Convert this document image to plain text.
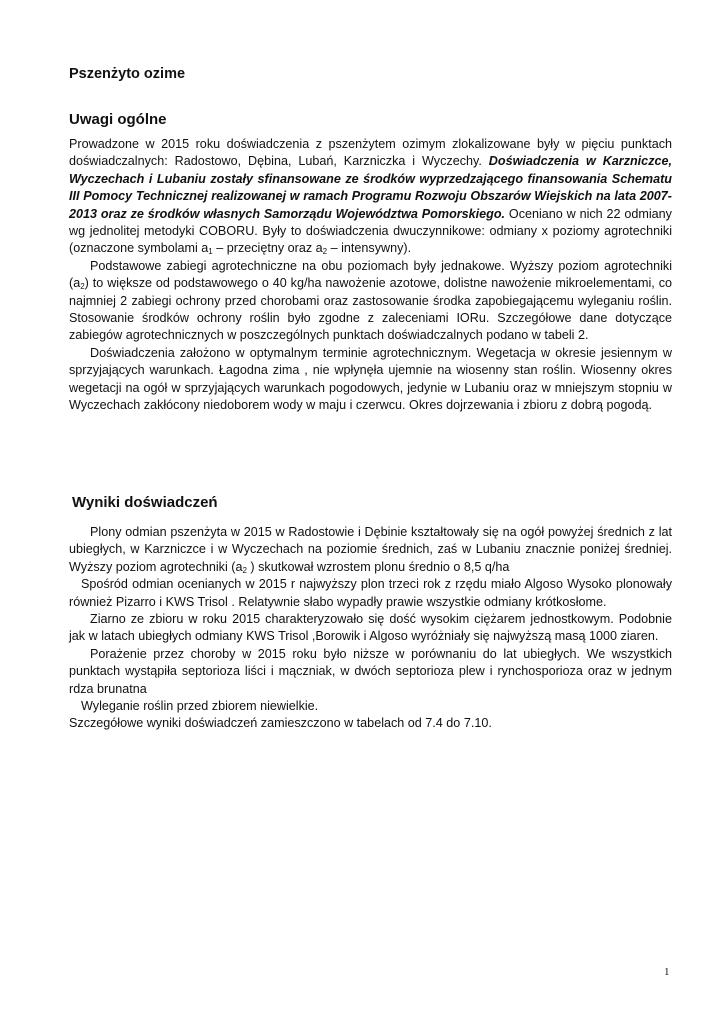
Pszenżyto ozime
Uwagi ogólne

Prowadzone w 2015 roku doświadczenia z pszenżytem ozimym zlokalizowane były w pięciu punktach doświadczalnych: Radostowo, Dębina, Lubań, Karzniczka i Wyczechy. Doświadczenia w Karzniczce, Wyczechach i Lubaniu zostały sfinansowane ze środków wyprzedzającego finansowania Schematu III Pomocy Technicznej realizowanej w ramach Programu Rozwoju Obszarów Wiejskich na lata 2007-2013 oraz ze środków własnych Samorządu Województwa Pomorskiego. Oceniano w nich 22 odmiany wg jednolitej metodyki COBORU. Były to doświadczenia dwuczynnikowe: odmiany x poziomy agrotechniki (oznaczone symbolami $a_1$ – przeciętny oraz $a_2$ – intensywny).

Podstawowe zabiegi agrotechniczne na obu poziomach były jednakowe. Wyższy poziom agrotechniki $(a_2)$ to większe od podstawowego o 40 kg/ha nawożenie azotowe, dolistne nawożenie mikroelementami, co najmniej 2 zabiegi ochrony przed chorobami oraz zastosowanie środka zapobiegającemu wyleganiu roślin. Stosowanie środków ochrony roślin było zgodne z zaleceniami IORu. Szczegółowe dane dotyczące zabiegów agrotechnicznych w poszczególnych punktach doświadczalnych podano w tabeli 2.

Doświadczenia założono w optymalnym terminie agrotechnicznym. Wegetacja w okresie jesiennym w sprzyjających warunkach. Łagodna zima , nie wpłynęła ujemnie na wiosenny stan roślin. Wiosenny okres wegetacji na ogół w sprzyjających warunkach pogodowych, jedynie w Lubaniu oraz w mniejszym stopniu w Wyczechach zakłócony niedoborem wody w maju i czerwcu. Okres dojrzewania i zbioru z dobrą pogodą.

Wyniki doświadczeń

Plony odmian pszenżyta w 2015 w Radostowie i Dębinie kształtowały się na ogół powyżej średnich z lat ubiegłych, w Karzniczce i w Wyczechach na poziomie średnich, zaś w Lubaniu znacznie poniżej średniej. Wyższy poziom agrotechniki ($a_2$ ) skutkował wzrostem plonu średnio o 8,5 q/ha

Spośród odmian ocenianych w 2015 r najwyższy plon trzeci rok z rzędu miało Algoso Wysoko plonowały również Pizarro i KWS Trisol . Relatywnie słabo wypadły prawie wszystkie odmiany krótkosłome.

Ziarno ze zbioru w roku 2015 charakteryzowało się dość wysokim ciężarem jednostkowym. Podobnie jak w latach ubiegłych odmiany KWS Trisol ,Borowik i Algoso wyróżniały się najwyższą masą 1000 ziaren.

Porażenie przez choroby w 2015 roku było niższe w porównaniu do lat ubiegłych. We wszystkich punktach wystąpiła septorioza liści i mączniak, w dwóch septorioza plew i rynchosporioza oraz w jednym rdza brunatna

Wyleganie roślin przed zbiorem niewielkie.

Szczegółowe wyniki doświadczeń zamieszczono w tabelach od 7.4 do 7.10.

1
